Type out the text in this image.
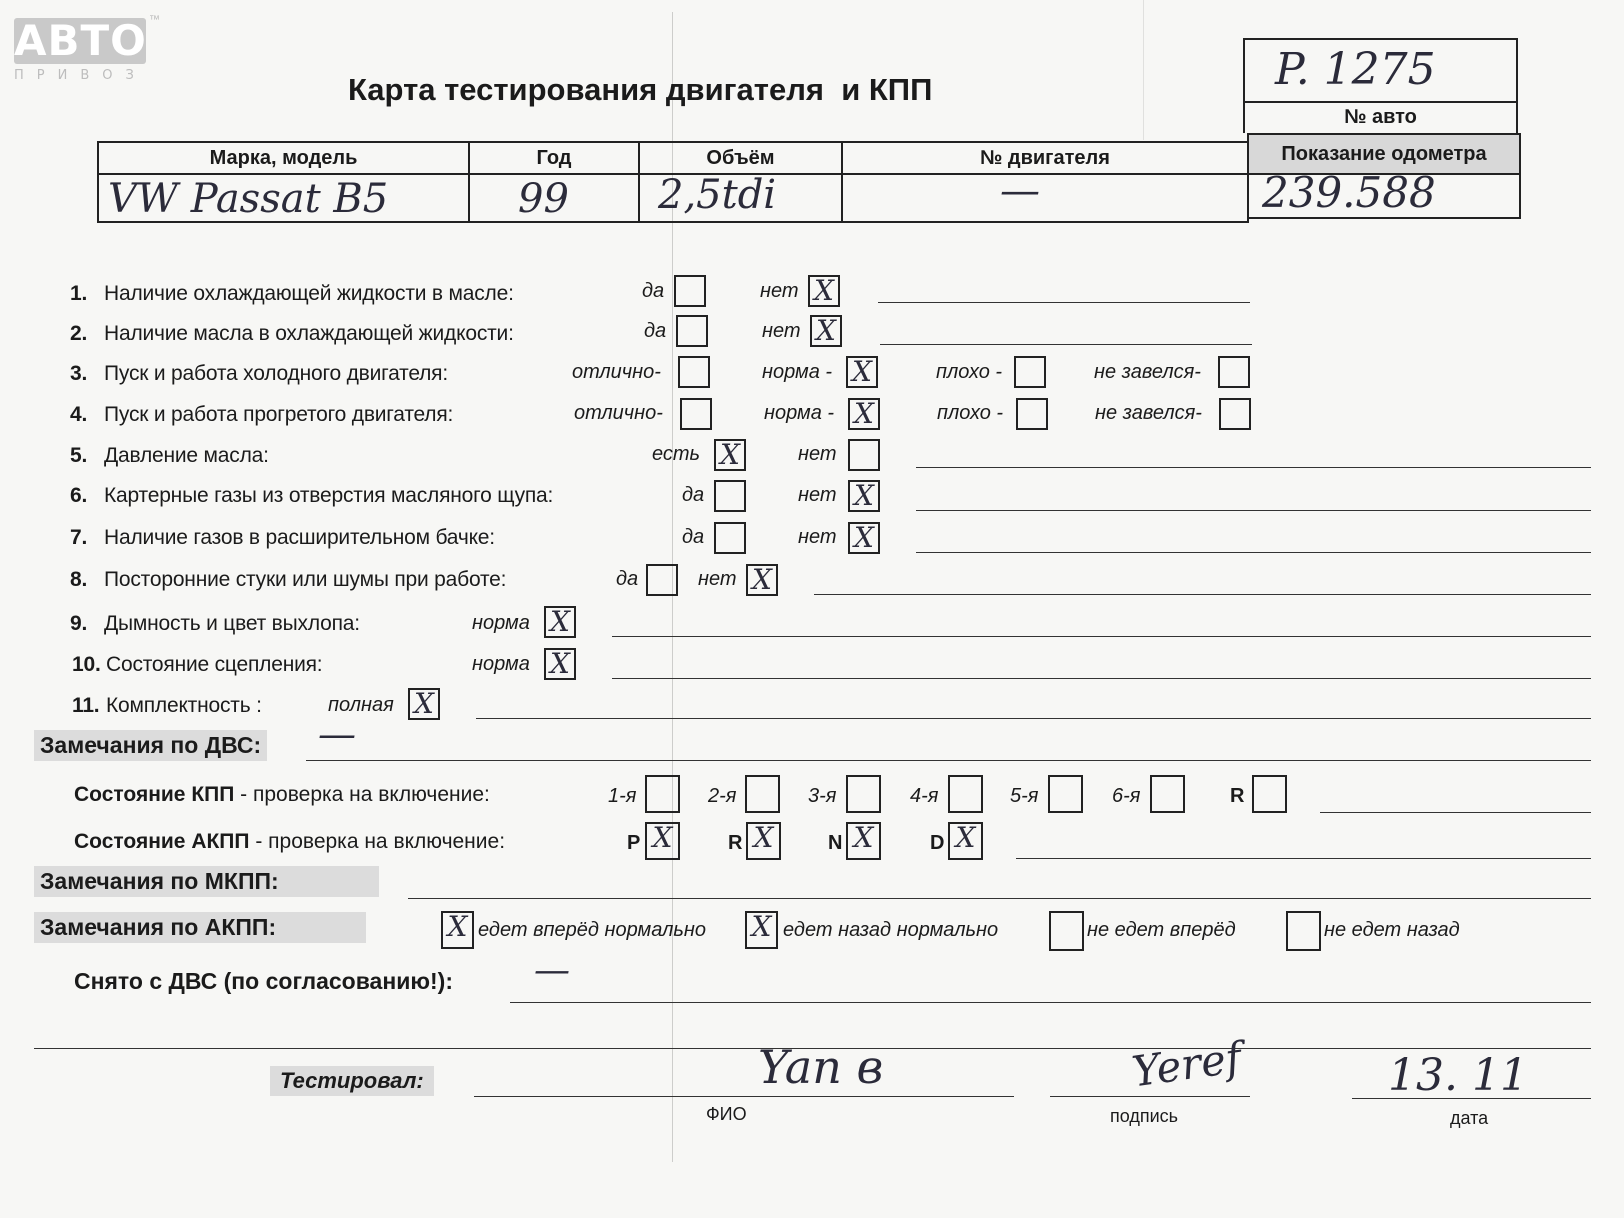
АВТО ™
ПРИВОЗ	Карта тестирования двигателя  и КПП	P. 1275
№ авто
Марка, модель	Год	Объём	№ двигателя	Показание одометра
VW Passat B5	99 2,5tdi	—	239.588
1. Наличие охлаждающей жидкости в масле:	да	нет X
2. Наличие масла в охлаждающей жидкости:	да	нет X
3. Пуск и работа холодного двигателя:	отлично-	норма - X	плохо -	не завелся-
4. Пуск и работа прогретого двигателя:	отлично-	норма - X	плохо -	не завелся-
5. Давление масла:	есть X	нет
6. Картерные газы из отверстия масляного щупа:	да	нет X
7. Наличие газов в расширительном бачке:	да	нет X
8. Посторонние стуки или шумы при работе:	да	нет X
9. Дымность и цвет выхлопа:	норма X
10. Состояние сцепления:	норма X
11. Комплектность :	полная X
Замечания по ДВС: —
Состояние КПП - проверка на включение:	1-я	2-я	3-я	4-я	5-я	6-я	R
Состояние АКПП - проверка на включение:	P X	R X	N X	D X
Замечания по МКПП:
Замечания по АКПП:	X едет вперёд нормально X едет назад нормально	не едет вперёд	не едет назад
Снято с ДВС (по согласованию!): —
Тестировал:	Yan в
ФИО
Yeref
подпись
13. 11
дата
